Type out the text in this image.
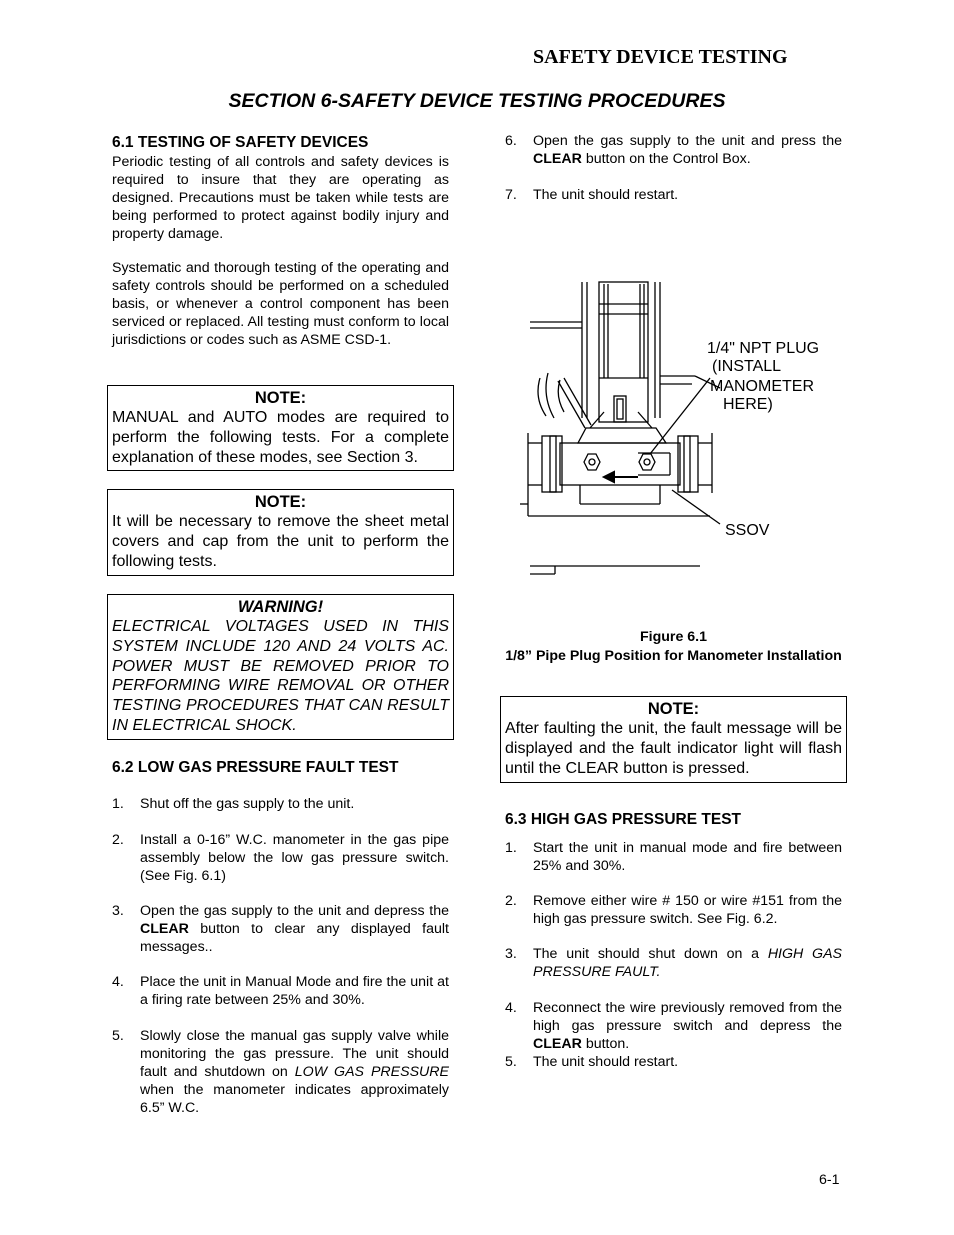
SAFETY DEVICE TESTING
SECTION 6-SAFETY DEVICE TESTING PROCEDURES
6.1 TESTING OF SAFETY DEVICES
Periodic testing of all controls and safety devices is required to insure that they are operating as designed. Precautions must be taken while tests are being performed to protect against bodily injury and property damage.
Systematic and thorough testing of the operating and safety controls should be performed on a scheduled basis, or whenever a control component has been serviced or replaced. All testing must conform to local jurisdictions or codes such as ASME CSD-1.
NOTE:
MANUAL and AUTO modes are required to perform the following tests. For a complete explanation of these modes, see Section 3.
NOTE:
It will be necessary to remove the sheet metal covers and cap from the unit to perform the following tests.
WARNING!
ELECTRICAL VOLTAGES USED IN THIS SYSTEM INCLUDE 120 AND 24 VOLTS AC. POWER MUST BE REMOVED PRIOR TO PERFORMING WIRE REMOVAL OR OTHER TESTING PROCEDURES THAT CAN RESULT IN ELECTRICAL SHOCK.
6.2 LOW GAS PRESSURE FAULT TEST
1. Shut off the gas supply to the unit.
2. Install a 0-16” W.C. manometer in the gas pipe assembly below the low gas pressure switch. (See Fig. 6.1)
3. Open the gas supply to the unit and depress the CLEAR button to clear any displayed fault messages..
4. Place the unit in Manual Mode and fire the unit at a firing rate between 25% and 30%.
5. Slowly close the manual gas supply valve while monitoring the gas pressure. The unit should fault and shutdown on LOW GAS PRESSURE when the manometer indicates approximately 6.5” W.C.
6. Open the gas supply to the unit and press the CLEAR button on the Control Box.
7. The unit should restart.
1/4" NPT PLUG
(INSTALL
MANOMETER
HERE)
SSOV
Figure 6.1
1/8” Pipe Plug Position for Manometer Installation
NOTE:
After faulting the unit, the fault message will be displayed and the fault indicator light will flash until the CLEAR button is pressed.
6.3 HIGH GAS PRESSURE TEST
1. Start the unit in manual mode and fire between 25% and 30%.
2. Remove either wire # 150 or wire #151 from the high gas pressure switch. See Fig. 6.2.
3. The unit should shut down on a HIGH GAS PRESSURE FAULT.
4. Reconnect the wire previously removed from the high gas pressure switch and depress the CLEAR button.
5. The unit should restart.
6-1
